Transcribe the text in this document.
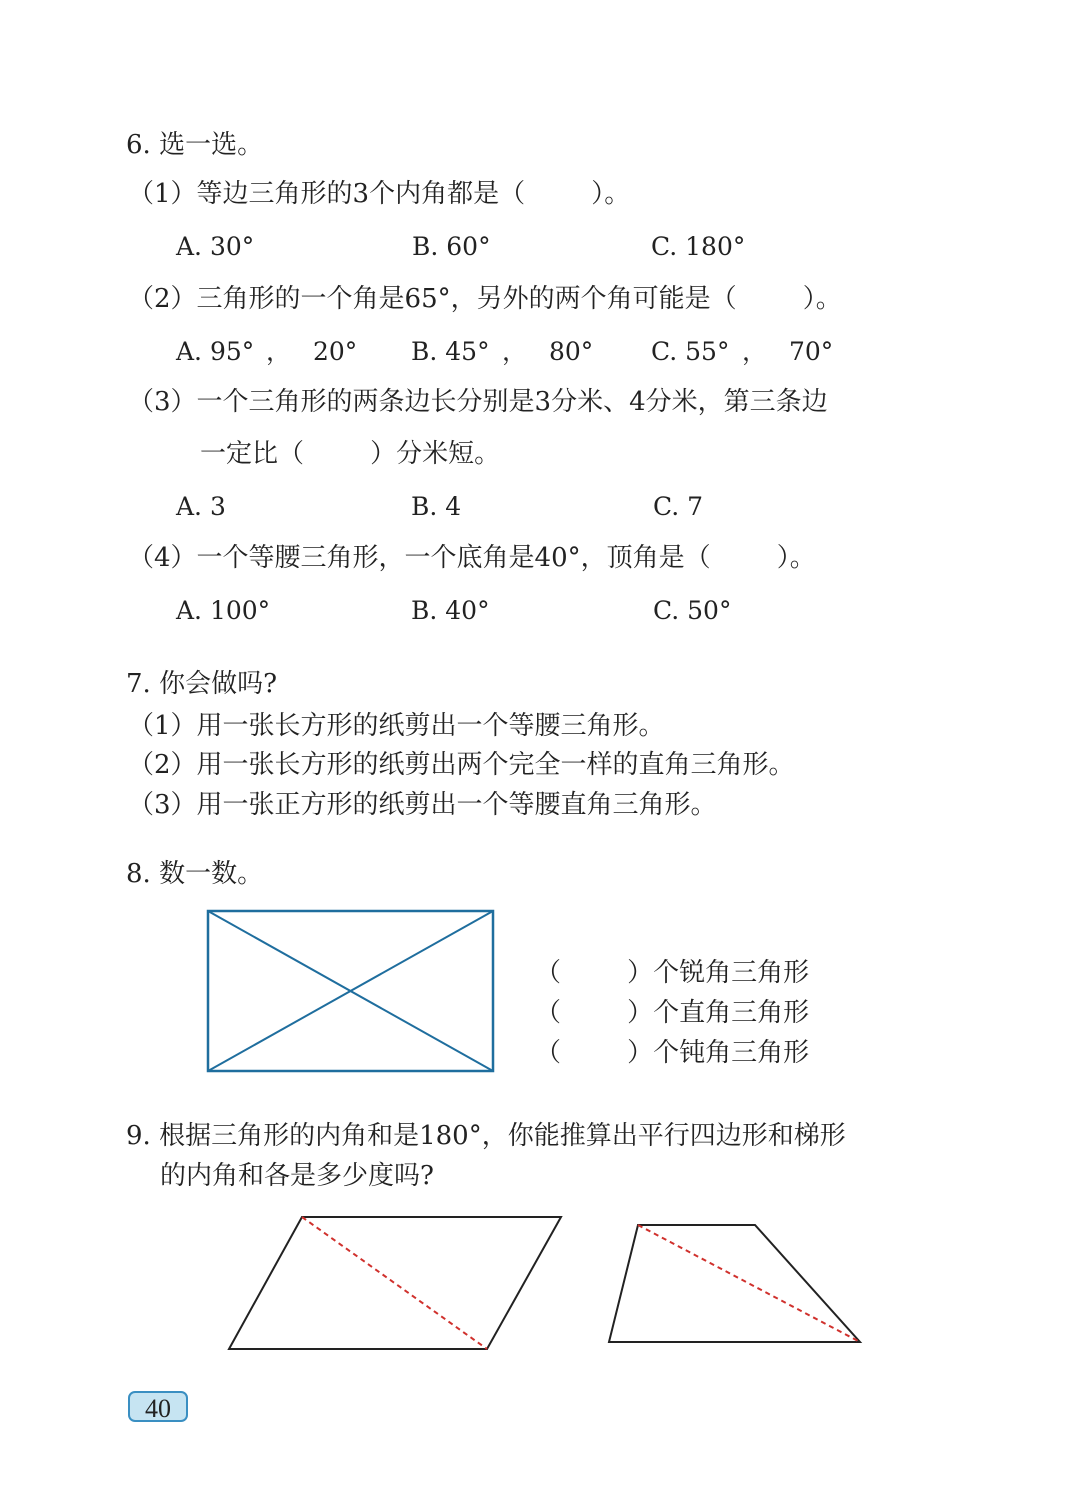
6. 选一选。
（1）等边三角形的3个内角都是（        ）。
A. 30°	B. 60°	C. 180°
（2）三角形的一个角是65°，另外的两个角可能是（        ）。
A. 95° ， 20° B. 45° ， 80° C. 55° ， 70°
（3）一个三角形的两条边长分别是3分米、4分米，第三条边
一定比（        ）分米短。
A. 3	B. 4	C. 7
（4）一个等腰三角形，一个底角是40°，顶角是（        ）。
A. 100°	B. 40°	C. 50°
7. 你会做吗?
（1）用一张长方形的纸剪出一个等腰三角形。
（2）用一张长方形的纸剪出两个完全一样的直角三角形。
（3）用一张正方形的纸剪出一个等腰直角三角形。
8. 数一数。
（        ）个锐角三角形
（        ）个直角三角形
（        ）个钝角三角形
9. 根据三角形的内角和是180°，你能推算出平行四边形和梯形
的内角和各是多少度吗?
40
